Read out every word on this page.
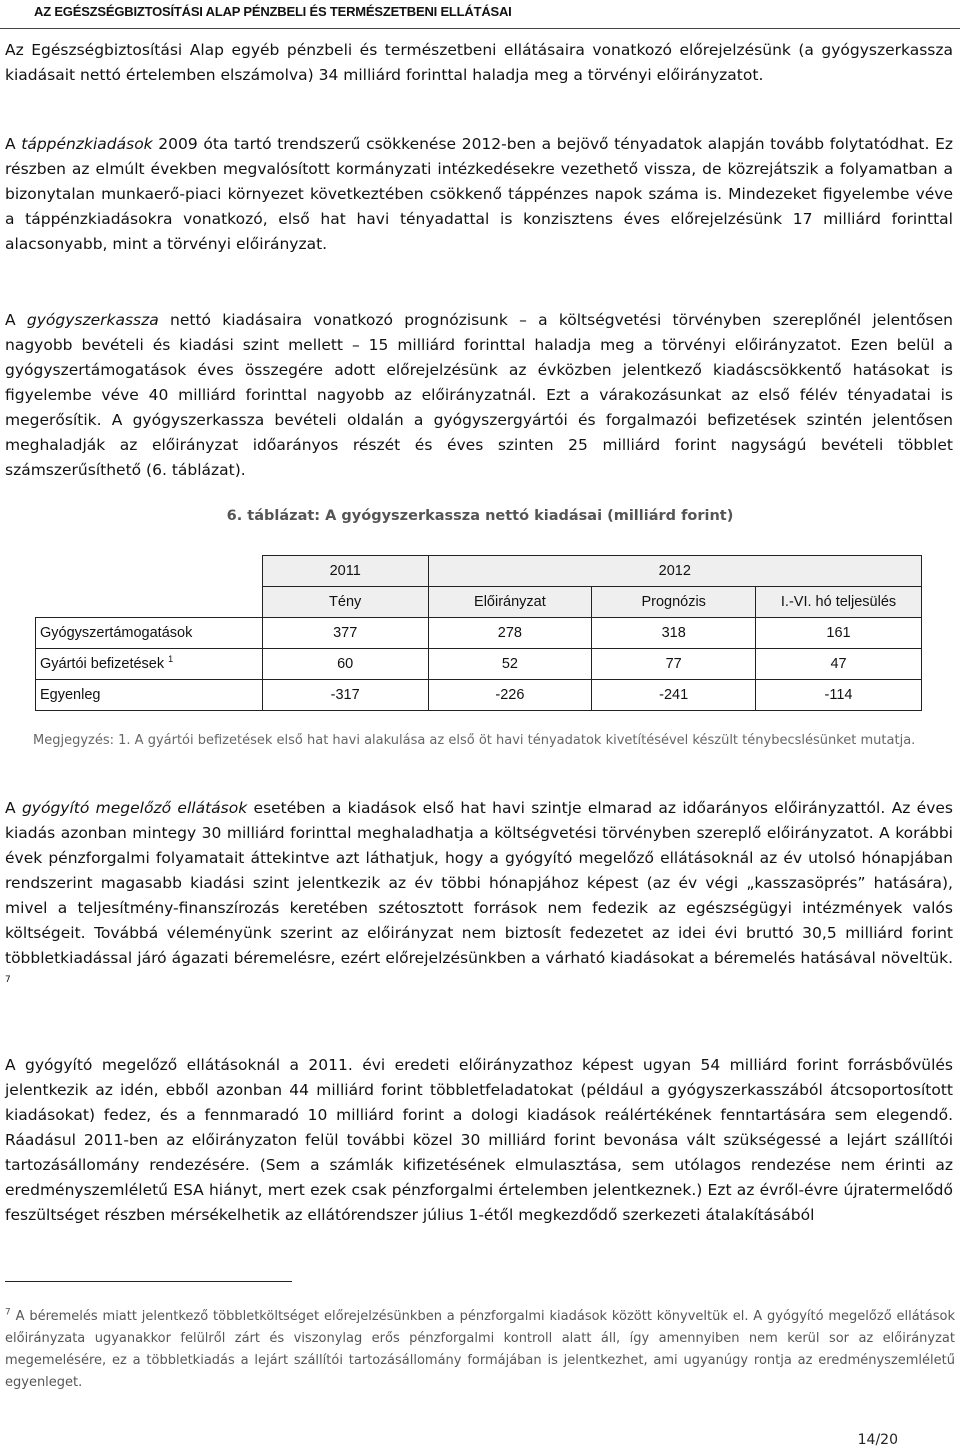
AZ EGÉSZSÉGBIZTOSÍTÁSI ALAP PÉNZBELI ÉS TERMÉSZETBENI ELLÁTÁSAI

Az Egészségbiztosítási Alap egyéb pénzbeli és természetbeni ellátásaira vonatkozó előrejelzésünk (a gyógyszerkassza kiadásait nettó értelemben elszámolva) 34 milliárd forinttal haladja meg a törvényi előirányzatot.

A táppénzkiadások 2009 óta tartó trendszerű csökkenése 2012-ben a bejövő tényadatok alapján tovább folytatódhat. Ez részben az elmúlt években megvalósított kormányzati intézkedésekre vezethető vissza, de közrejátszik a folyamatban a bizonytalan munkaerő-piaci környezet következtében csökkenő táppénzes napok száma is. Mindezeket figyelembe véve a táppénzkiadásokra vonatkozó, első hat havi tényadattal is konzisztens éves előrejelzésünk 17 milliárd forinttal alacsonyabb, mint a törvényi előirányzat.

A gyógyszerkassza nettó kiadásaira vonatkozó prognózisunk – a költségvetési törvényben szereplőnél jelentősen nagyobb bevételi és kiadási szint mellett – 15 milliárd forinttal haladja meg a törvényi előirányzatot. Ezen belül a gyógyszertámogatások éves összegére adott előrejelzésünk az évközben jelentkező kiadáscsökkentő hatásokat is figyelembe véve 40 milliárd forinttal nagyobb az előirányzatnál. Ezt a várakozásunkat az első félév tényadatai is megerősítik. A gyógyszerkassza bevételi oldalán a gyógyszergyártói és forgalmazói befizetések szintén jelentősen meghaladják az előirányzat időarányos részét és éves szinten 25 milliárd forint nagyságú bevételi többlet számszerűsíthető (6. táblázat).

6. táblázat: A gyógyszerkassza nettó kiadásai (milliárd forint)
	2011	2012		
	Tény	Előirányzat	Prognózis	I.-VI. hó teljesülés
Gyógyszertámogatások	377	278	318	161
Gyártói befizetések $^1$	60	52	77	47
Egyenleg	-317	-226	-241	-114

Megjegyzés: 1. A gyártói befizetések első hat havi alakulása az első öt havi tényadatok kivetítésével készült ténybecslésünket mutatja.

A gyógyító megelőző ellátások esetében a kiadások első hat havi szintje elmarad az időarányos előirányzattól. Az éves kiadás azonban mintegy 30 milliárd forinttal meghaladhatja a költségvetési törvényben szereplő előirányzatot. A korábbi évek pénzforgalmi folyamatait áttekintve azt láthatjuk, hogy a gyógyító megelőző ellátásoknál az év utolsó hónapjában rendszerint magasabb kiadási szint jelentkezik az év többi hónapjához képest (az év végi „kasszasöprés” hatására), mivel a teljesítmény-finanszírozás keretében szétosztott források nem fedezik az egészségügyi intézmények valós költségeit. Továbbá véleményünk szerint az előirányzat nem biztosít fedezetet az idei évi bruttó 30,5 milliárd forint többletkiadással járó ágazati béremelésre, ezért előrejelzésünkben a várható kiadásokat a béremelés hatásával növeltük. $^7$

A gyógyító megelőző ellátásoknál a 2011. évi eredeti előirányzathoz képest ugyan 54 milliárd forint forrásbővülés jelentkezik az idén, ebből azonban 44 milliárd forint többletfeladatokat (például a gyógyszerkasszából átcsoportosított kiadásokat) fedez, és a fennmaradó 10 milliárd forint a dologi kiadások reálértékének fenntartására sem elegendő. Ráadásul 2011-ben az előirányzaton felül további közel 30 milliárd forint bevonása vált szükségessé a lejárt szállítói tartozásállomány rendezésére. (Sem a számlák kifizetésének elmulasztása, sem utólagos rendezése nem érinti az eredményszemléletű ESA hiányt, mert ezek csak pénzforgalmi értelemben jelentkeznek.) Ezt az évről-évre újratermelődő feszültséget részben mérsékelhetik az ellátórendszer július 1-étől megkezdődő szerkezeti átalakításából

$^7$ A béremelés miatt jelentkező többletköltséget előrejelzésünkben a pénzforgalmi kiadások között könyveltük el. A gyógyító megelőző ellátások előirányzata ugyanakkor felülről zárt és viszonylag erős pénzforgalmi kontroll alatt áll, így amennyiben nem kerül sor az előirányzat megemelésére, ez a többletkiadás a lejárt szállítói tartozásállomány formájában is jelentkezhet, ami ugyanúgy rontja az eredményszemléletű egyenleget.

14/20
